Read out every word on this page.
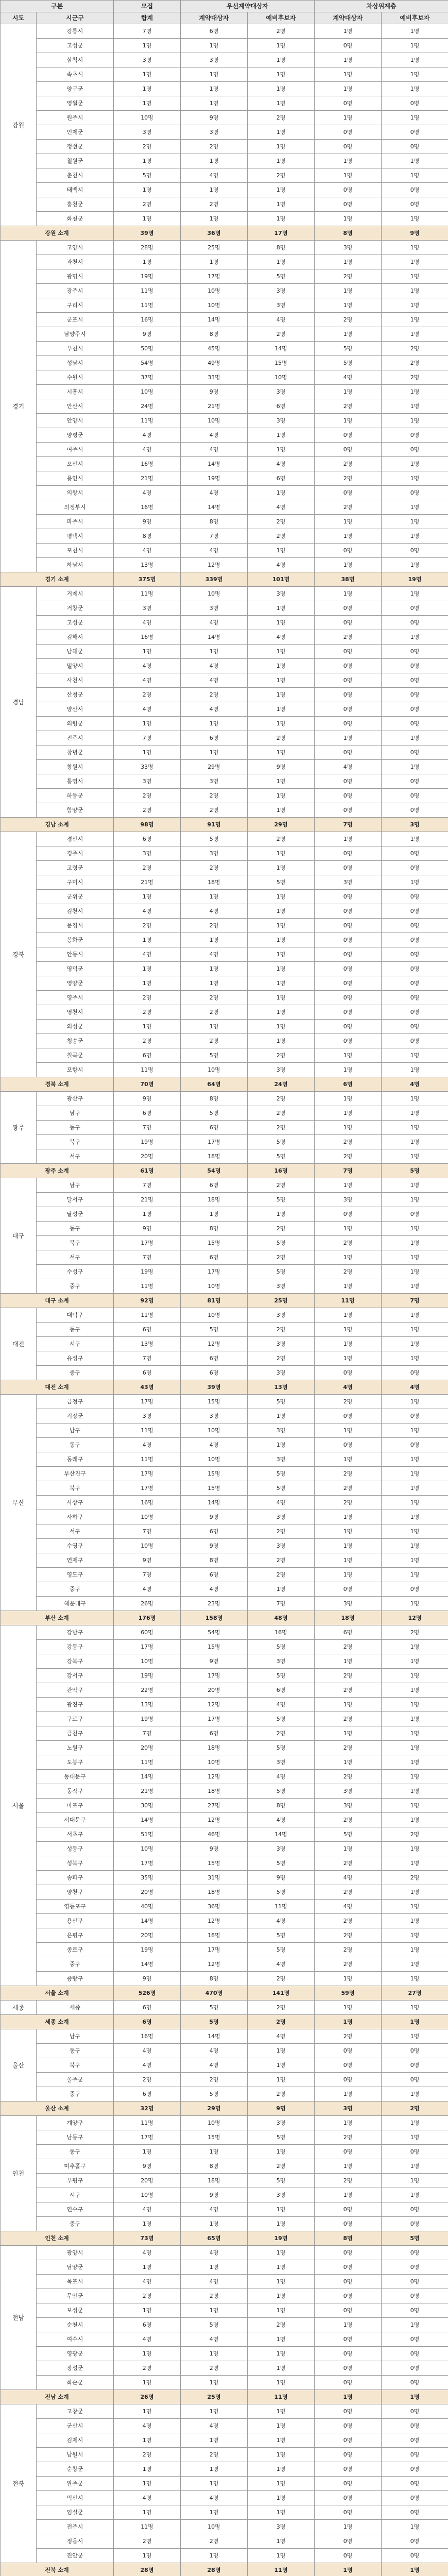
구분		모집	우선계약대상자		차상위계층	
시도	시군구	합계	계약대상자	예비후보자	계약대상자	예비후보자
강원	강릉시	7명	6명	2명	1명	1명
	고성군	1명	1명	1명	0명	1명
	삼척시	3명	3명	1명	1명	1명
	속초시	1명	1명	1명	1명	1명
	양구군	1명	1명	1명	1명	1명
	영월군	1명	1명	1명	0명	0명
	원주시	10명	9명	2명	1명	1명
	인제군	3명	3명	1명	0명	0명
	정선군	2명	2명	1명	0명	0명
	철원군	1명	1명	1명	1명	1명
	춘천시	5명	4명	2명	1명	1명
	태백시	1명	1명	1명	0명	0명
	홍천군	2명	2명	1명	0명	0명
	화천군	1명	1명	1명	1명	1명
강원 소계		39명	36명	17명	8명	9명
경기	고양시	28명	25명	8명	3명	1명
	과천시	1명	1명	1명	1명	1명
	광명시	19명	17명	5명	2명	1명
	광주시	11명	10명	3명	1명	1명
	구리시	11명	10명	3명	1명	1명
	군포시	16명	14명	4명	2명	1명
	남양주시	9명	8명	2명	1명	1명
	부천시	50명	45명	14명	5명	2명
	성남시	54명	49명	15명	5명	2명
	수원시	37명	33명	10명	4명	2명
	시흥시	10명	9명	3명	1명	1명
	안산시	24명	21명	6명	2명	1명
	안양시	11명	10명	3명	1명	1명
	양평군	4명	4명	1명	0명	0명
	여주시	4명	4명	1명	0명	0명
	오산시	16명	14명	4명	2명	1명
	용인시	21명	19명	6명	2명	1명
	의왕시	4명	4명	1명	0명	0명
	의정부시	16명	14명	4명	2명	1명
	파주시	9명	8명	2명	1명	1명
	평택시	8명	7명	2명	1명	1명
	포천시	4명	4명	1명	0명	0명
	하남시	13명	12명	4명	1명	1명
경기 소계		375명	339명	101명	38명	19명
경남	거제시	11명	10명	3명	1명	1명
	거창군	3명	3명	1명	0명	0명
	고성군	4명	4명	1명	0명	0명
	김해시	16명	14명	4명	2명	1명
	남해군	1명	1명	1명	0명	0명
	밀양시	4명	4명	1명	0명	0명
	사천시	4명	4명	1명	0명	0명
	산청군	2명	2명	1명	0명	0명
	양산시	4명	4명	1명	0명	0명
	의령군	1명	1명	1명	0명	0명
	진주시	7명	6명	2명	1명	1명
	창녕군	1명	1명	1명	0명	0명
	창원시	33명	29명	9명	4명	1명
	통영시	3명	3명	1명	0명	0명
	하동군	2명	2명	1명	0명	0명
	함양군	2명	2명	1명	0명	0명
경남 소계		98명	91명	29명	7명	3명
경북	경산시	6명	5명	2명	1명	1명
	경주시	3명	3명	1명	0명	0명
	고령군	2명	2명	1명	0명	0명
	구미시	21명	18명	5명	3명	1명
	군위군	1명	1명	1명	0명	0명
	김천시	4명	4명	1명	0명	0명
	문경시	2명	2명	1명	0명	0명
	봉화군	1명	1명	1명	0명	0명
	안동시	4명	4명	1명	0명	0명
	영덕군	1명	1명	1명	0명	0명
	영양군	1명	1명	1명	0명	0명
	영주시	2명	2명	1명	0명	0명
	영천시	2명	2명	1명	0명	0명
	의성군	1명	1명	1명	0명	0명
	청송군	2명	2명	1명	0명	0명
	칠곡군	6명	5명	2명	1명	1명
	포항시	11명	10명	3명	1명	1명
경북 소계		70명	64명	24명	6명	4명
광주	광산구	9명	8명	2명	1명	1명
	남구	6명	5명	2명	1명	1명
	동구	7명	6명	2명	1명	1명
	북구	19명	17명	5명	2명	1명
	서구	20명	18명	5명	2명	1명
광주 소계		61명	54명	16명	7명	5명
대구	남구	7명	6명	2명	1명	1명
	달서구	21명	18명	5명	3명	1명
	달성군	1명	1명	1명	0명	0명
	동구	9명	8명	2명	1명	1명
	북구	17명	15명	5명	2명	1명
	서구	7명	6명	2명	1명	1명
	수성구	19명	17명	5명	2명	1명
	중구	11명	10명	3명	1명	1명
대구 소계		92명	81명	25명	11명	7명
대전	대덕구	11명	10명	3명	1명	1명
	동구	6명	5명	2명	1명	1명
	서구	13명	12명	3명	1명	1명
	유성구	7명	6명	2명	1명	1명
	중구	6명	6명	3명	0명	0명
대전 소계		43명	39명	13명	4명	4명
부산	금정구	17명	15명	5명	2명	1명
	기장군	3명	3명	1명	0명	0명
	남구	11명	10명	3명	1명	1명
	동구	4명	4명	1명	0명	0명
	동래구	11명	10명	3명	1명	1명
	부산진구	17명	15명	5명	2명	1명
	북구	17명	15명	5명	2명	1명
	사상구	16명	14명	4명	2명	1명
	사하구	10명	9명	3명	1명	1명
	서구	7명	6명	2명	1명	1명
	수영구	10명	9명	3명	1명	1명
	연제구	9명	8명	2명	1명	1명
	영도구	7명	6명	2명	1명	1명
	중구	4명	4명	1명	0명	0명
	해운대구	26명	23명	7명	3명	1명
부산 소계		176명	158명	48명	18명	12명
서울	강남구	60명	54명	16명	6명	2명
	강동구	17명	15명	5명	2명	1명
	강북구	10명	9명	3명	1명	1명
	강서구	19명	17명	5명	2명	1명
	관악구	22명	20명	6명	2명	1명
	광진구	13명	12명	4명	1명	1명
	구로구	19명	17명	5명	2명	1명
	금천구	7명	6명	2명	1명	1명
	노원구	20명	18명	5명	2명	1명
	도봉구	11명	10명	3명	1명	1명
	동대문구	14명	12명	4명	2명	1명
	동작구	21명	18명	5명	3명	1명
	마포구	30명	27명	8명	3명	1명
	서대문구	14명	12명	4명	2명	1명
	서초구	51명	46명	14명	5명	2명
	성동구	10명	9명	3명	1명	1명
	성북구	17명	15명	5명	2명	1명
	송파구	35명	31명	9명	4명	2명
	양천구	20명	18명	5명	2명	1명
	영등포구	40명	36명	11명	4명	1명
	용산구	14명	12명	4명	2명	1명
	은평구	20명	18명	5명	2명	1명
	종로구	19명	17명	5명	2명	1명
	중구	14명	12명	4명	2명	1명
	중랑구	9명	8명	2명	1명	1명
서울 소계		526명	470명	141명	59명	27명
세종	세종	6명	5명	2명	1명	1명
세종 소계		6명	5명	2명	1명	1명
울산	남구	16명	14명	4명	2명	1명
	동구	4명	4명	1명	0명	0명
	북구	4명	4명	1명	0명	0명
	울주군	2명	2명	1명	0명	0명
	중구	6명	5명	2명	1명	1명
울산 소계		32명	29명	9명	3명	2명
인천	계양구	11명	10명	3명	1명	1명
	남동구	17명	15명	5명	2명	1명
	동구	1명	1명	1명	0명	0명
	미추홀구	9명	8명	2명	1명	1명
	부평구	20명	18명	5명	2명	1명
	서구	10명	9명	3명	1명	1명
	연수구	4명	4명	1명	0명	0명
	중구	1명	1명	1명	0명	0명
인천 소계		73명	65명	19명	8명	5명
전남	광양시	4명	4명	1명	0명	0명
	담양군	1명	1명	1명	0명	0명
	목포시	4명	4명	1명	0명	0명
	무안군	2명	2명	1명	0명	0명
	보성군	1명	1명	1명	0명	0명
	순천시	6명	5명	2명	1명	1명
	여수시	4명	4명	1명	0명	0명
	영광군	1명	1명	1명	0명	0명
	장성군	2명	2명	1명	0명	0명
	화순군	1명	1명	1명	0명	0명
전남 소계		26명	25명	11명	1명	1명
전북	고창군	1명	1명	1명	0명	0명
	군산시	4명	4명	1명	0명	0명
	김제시	1명	1명	1명	0명	0명
	남원시	2명	2명	1명	0명	0명
	순창군	1명	1명	1명	0명	0명
	완주군	1명	1명	1명	0명	0명
	익산시	4명	4명	1명	0명	0명
	임실군	1명	1명	1명	0명	0명
	전주시	11명	10명	3명	1명	1명
	정읍시	2명	2명	1명	0명	0명
	진안군	1명	1명	1명	0명	0명
전북 소계		28명	28명	11명	1명	1명
